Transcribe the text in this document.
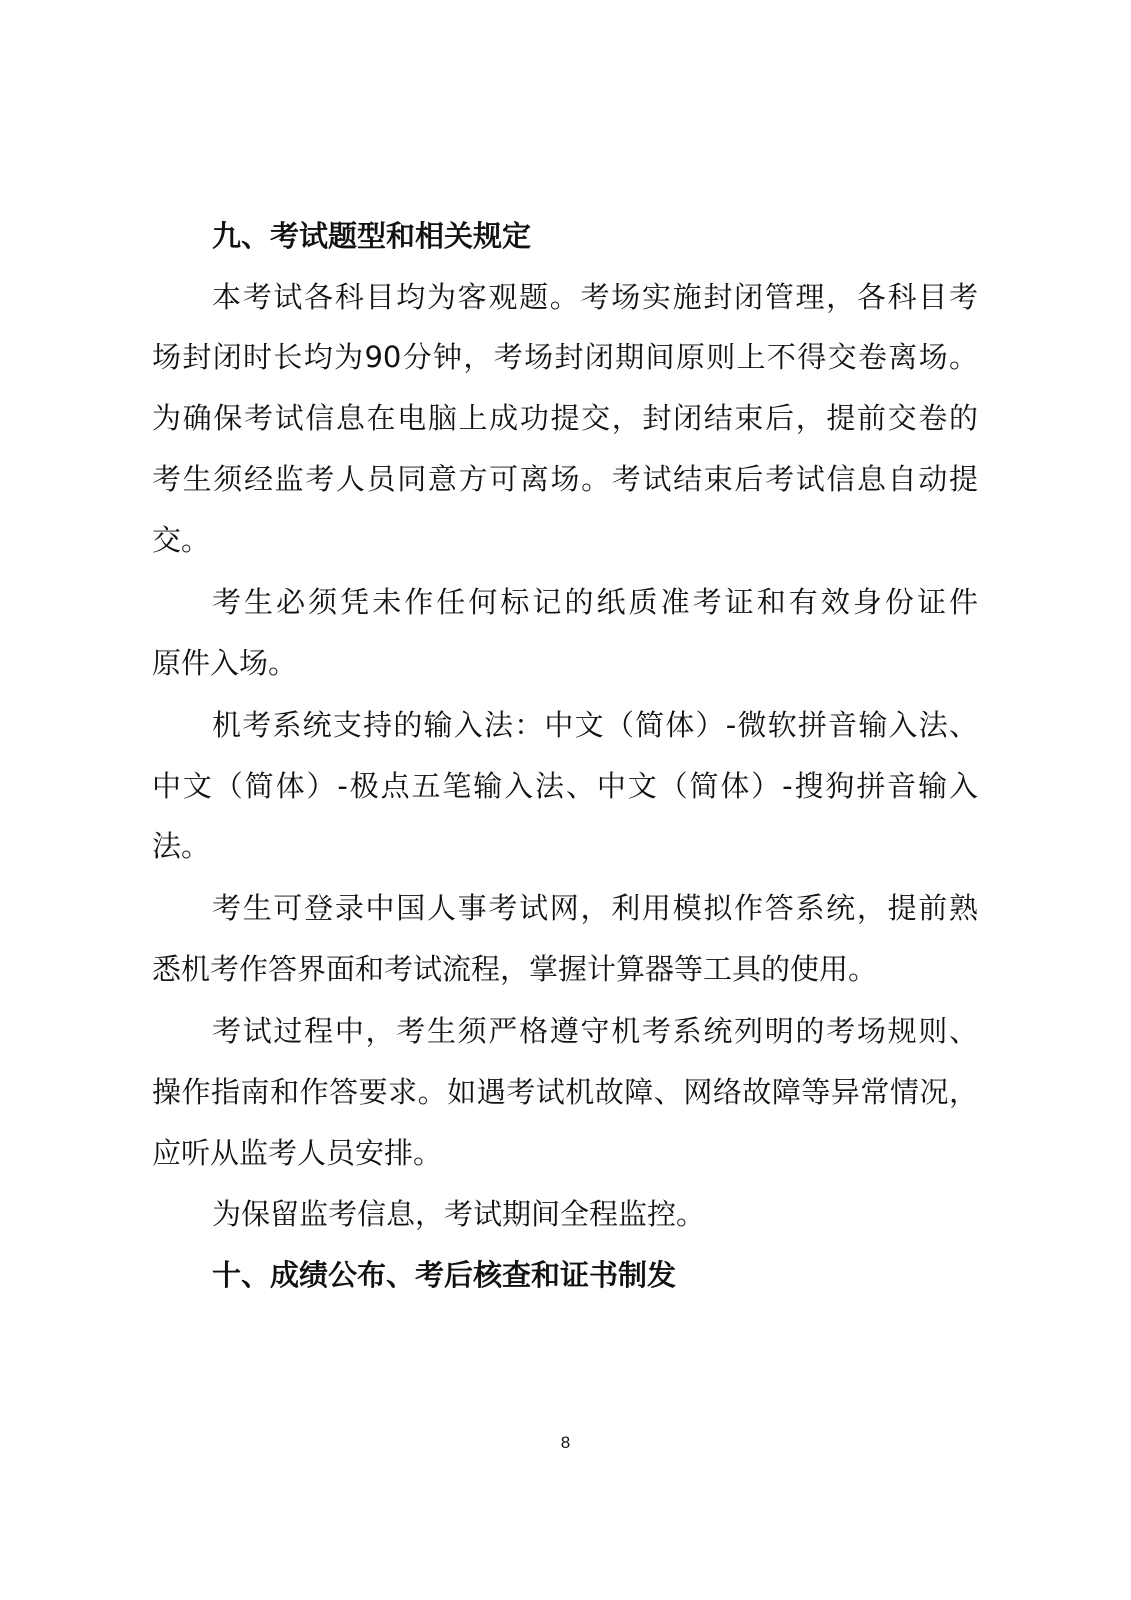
九、考试题型和相关规定

本考试各科目均为客观题。考场实施封闭管理，各科目考

场封闭时长均为90分钟，考场封闭期间原则上不得交卷离场。

为确保考试信息在电脑上成功提交，封闭结束后，提前交卷的

考生须经监考人员同意方可离场。考试结束后考试信息自动提

交。

考生必须凭未作任何标记的纸质准考证和有效身份证件

原件入场。

机考系统支持的输入法：中文（简体）-微软拼音输入法、

中文（简体）-极点五笔输入法、中文（简体）-搜狗拼音输入

法。

考生可登录中国人事考试网，利用模拟作答系统，提前熟

悉机考作答界面和考试流程，掌握计算器等工具的使用。

考试过程中，考生须严格遵守机考系统列明的考场规则、

操作指南和作答要求。如遇考试机故障、网络故障等异常情况，

应听从监考人员安排。

为保留监考信息，考试期间全程监控。

十、成绩公布、考后核查和证书制发
8
